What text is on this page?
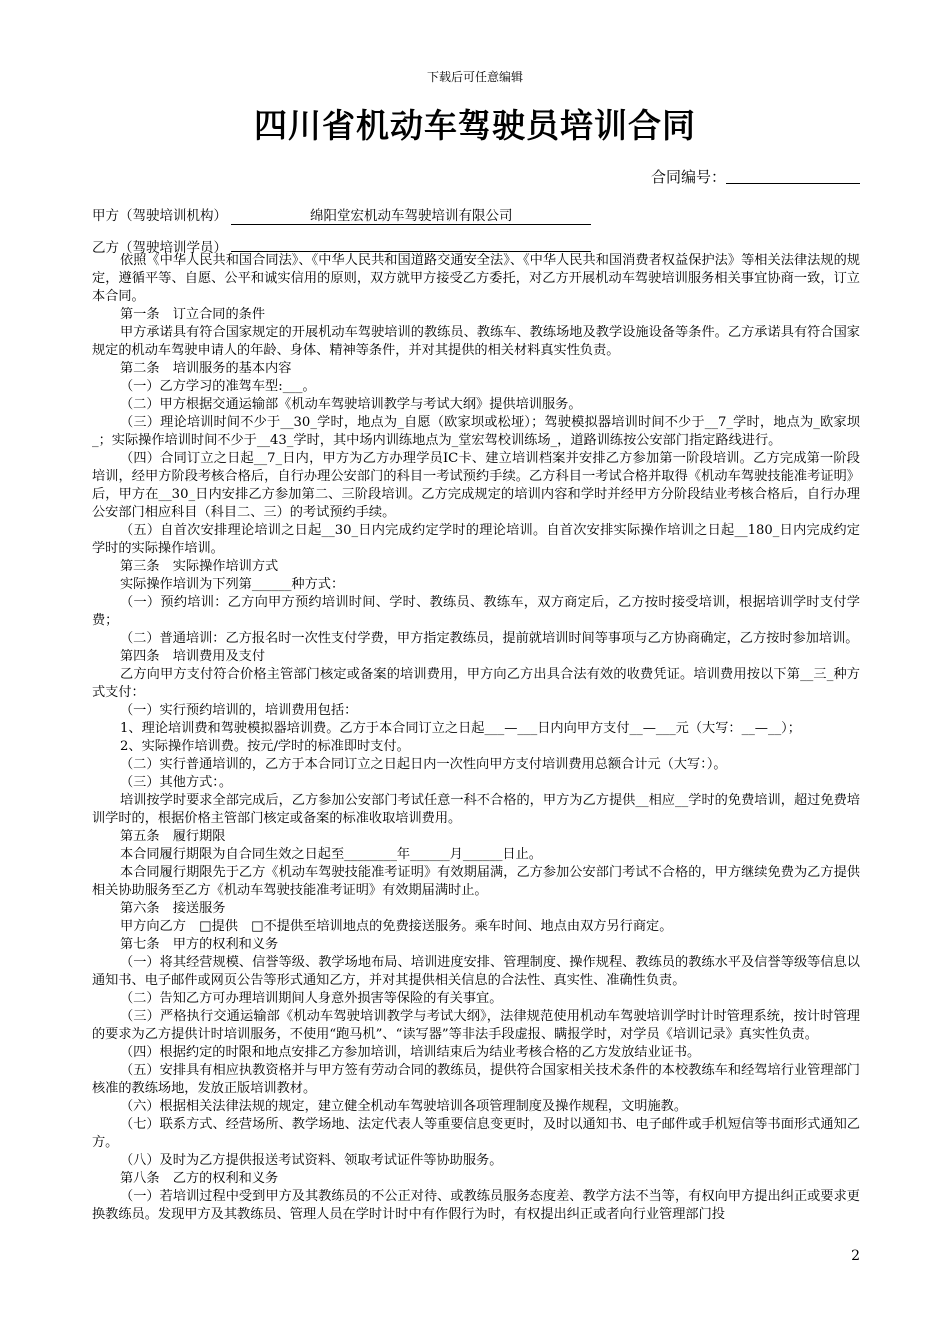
下载后可任意编辑
四川省机动车驾驶员培训合同
合同编号：
甲方（驾驶培训机构）	绵阳堂宏机动车驾驶培训有限公司
乙方（驾驶培训学员）

依照《中华人民共和国合同法》、《中华人民共和国道路交通安全法》、《中华人民共和国消费者权益保护法》等相关法律法规的规定，遵循平等、自愿、公平和诚实信用的原则，双方就甲方接受乙方委托，对乙方开展机动车驾驶培训服务相关事宜协商一致，订立本合同。

第一条　订立合同的条件

甲方承诺具有符合国家规定的开展机动车驾驶培训的教练员、教练车、教练场地及教学设施设备等条件。乙方承诺具有符合国家规定的机动车驾驶申请人的年龄、身体、精神等条件，并对其提供的相关材料真实性负责。

第二条　培训服务的基本内容

（一）乙方学习的准驾车型:___。

（二）甲方根据交通运输部《机动车驾驶培训教学与考试大纲》提供培训服务。

（三）理论培训时间不少于__30_学时，地点为_自愿（欧家坝或松垭）；驾驶模拟器培训时间不少于__7_学时，地点为_欧家坝_；实际操作培训时间不少于__43_学时，其中场内训练地点为_堂宏驾校训练场_，道路训练按公安部门指定路线进行。

（四）合同订立之日起__7_日内，甲方为乙方办理学员IC卡、建立培训档案并安排乙方参加第一阶段培训。乙方完成第一阶段培训，经甲方阶段考核合格后，自行办理公安部门的科目一考试预约手续。乙方科目一考试合格并取得《机动车驾驶技能准考证明》后，甲方在__30_日内安排乙方参加第二、三阶段培训。乙方完成规定的培训内容和学时并经甲方分阶段结业考核合格后，自行办理公安部门相应科目（科目二、三）的考试预约手续。

（五）自首次安排理论培训之日起__30_日内完成约定学时的理论培训。自首次安排实际操作培训之日起__180_日内完成约定学时的实际操作培训。

第三条　实际操作培训方式

实际操作培训为下列第______种方式：

（一）预约培训：乙方向甲方预约培训时间、学时、教练员、教练车，双方商定后，乙方按时接受培训，根据培训学时支付学费；

（二）普通培训：乙方报名时一次性支付学费，甲方指定教练员，提前就培训时间等事项与乙方协商确定，乙方按时参加培训。

第四条　培训费用及支付

乙方向甲方支付符合价格主管部门核定或备案的培训费用，甲方向乙方出具合法有效的收费凭证。培训费用按以下第__三_种方式支付：

（一）实行预约培训的，培训费用包括：

1、理论培训费和驾驶模拟器培训费。乙方于本合同订立之日起___—___日内向甲方支付__—___元（大写：__—__）；

2、实际操作培训费。按元/学时的标准即时支付。

（二）实行普通培训的，乙方于本合同订立之日起日内一次性向甲方支付培训费用总额合计元（大写：）。

（三）其他方式：。

培训按学时要求全部完成后，乙方参加公安部门考试任意一科不合格的，甲方为乙方提供__相应__学时的免费培训，超过免费培训学时的，根据价格主管部门核定或备案的标准收取培训费用。

第五条　履行期限

本合同履行期限为自合同生效之日起至________年______月______日止。

本合同履行期限先于乙方《机动车驾驶技能准考证明》有效期届满，乙方参加公安部门考试不合格的，甲方继续免费为乙方提供相关协助服务至乙方《机动车驾驶技能准考证明》有效期届满时止。

第六条　接送服务

甲方向乙方　□提供　□不提供至培训地点的免费接送服务。乘车时间、地点由双方另行商定。

第七条　甲方的权利和义务

（一）将其经营规模、信誉等级、教学场地布局、培训进度安排、管理制度、操作规程、教练员的教练水平及信誉等级等信息以通知书、电子邮件或网页公告等形式通知乙方，并对其提供相关信息的合法性、真实性、准确性负责。

（二）告知乙方可办理培训期间人身意外损害等保险的有关事宜。

（三）严格执行交通运输部《机动车驾驶培训教学与考试大纲》，法律规范使用机动车驾驶培训学时计时管理系统，按计时管理的要求为乙方提供计时培训服务，不使用“跑马机”、“读写器”等非法手段虚报、瞒报学时，对学员《培训记录》真实性负责。

（四）根据约定的时限和地点安排乙方参加培训，培训结束后为结业考核合格的乙方发放结业证书。

（五）安排具有相应执教资格并与甲方签有劳动合同的教练员，提供符合国家相关技术条件的本校教练车和经驾培行业管理部门核准的教练场地，发放正版培训教材。

（六）根据相关法律法规的规定，建立健全机动车驾驶培训各项管理制度及操作规程，文明施教。

（七）联系方式、经营场所、教学场地、法定代表人等重要信息变更时，及时以通知书、电子邮件或手机短信等书面形式通知乙方。

（八）及时为乙方提供报送考试资料、领取考试证件等协助服务。

第八条　乙方的权利和义务

（一）若培训过程中受到甲方及其教练员的不公正对待、或教练员服务态度差、教学方法不当等，有权向甲方提出纠正或要求更换教练员。发现甲方及其教练员、管理人员在学时计时中有作假行为时，有权提出纠正或者向行业管理部门投

2
